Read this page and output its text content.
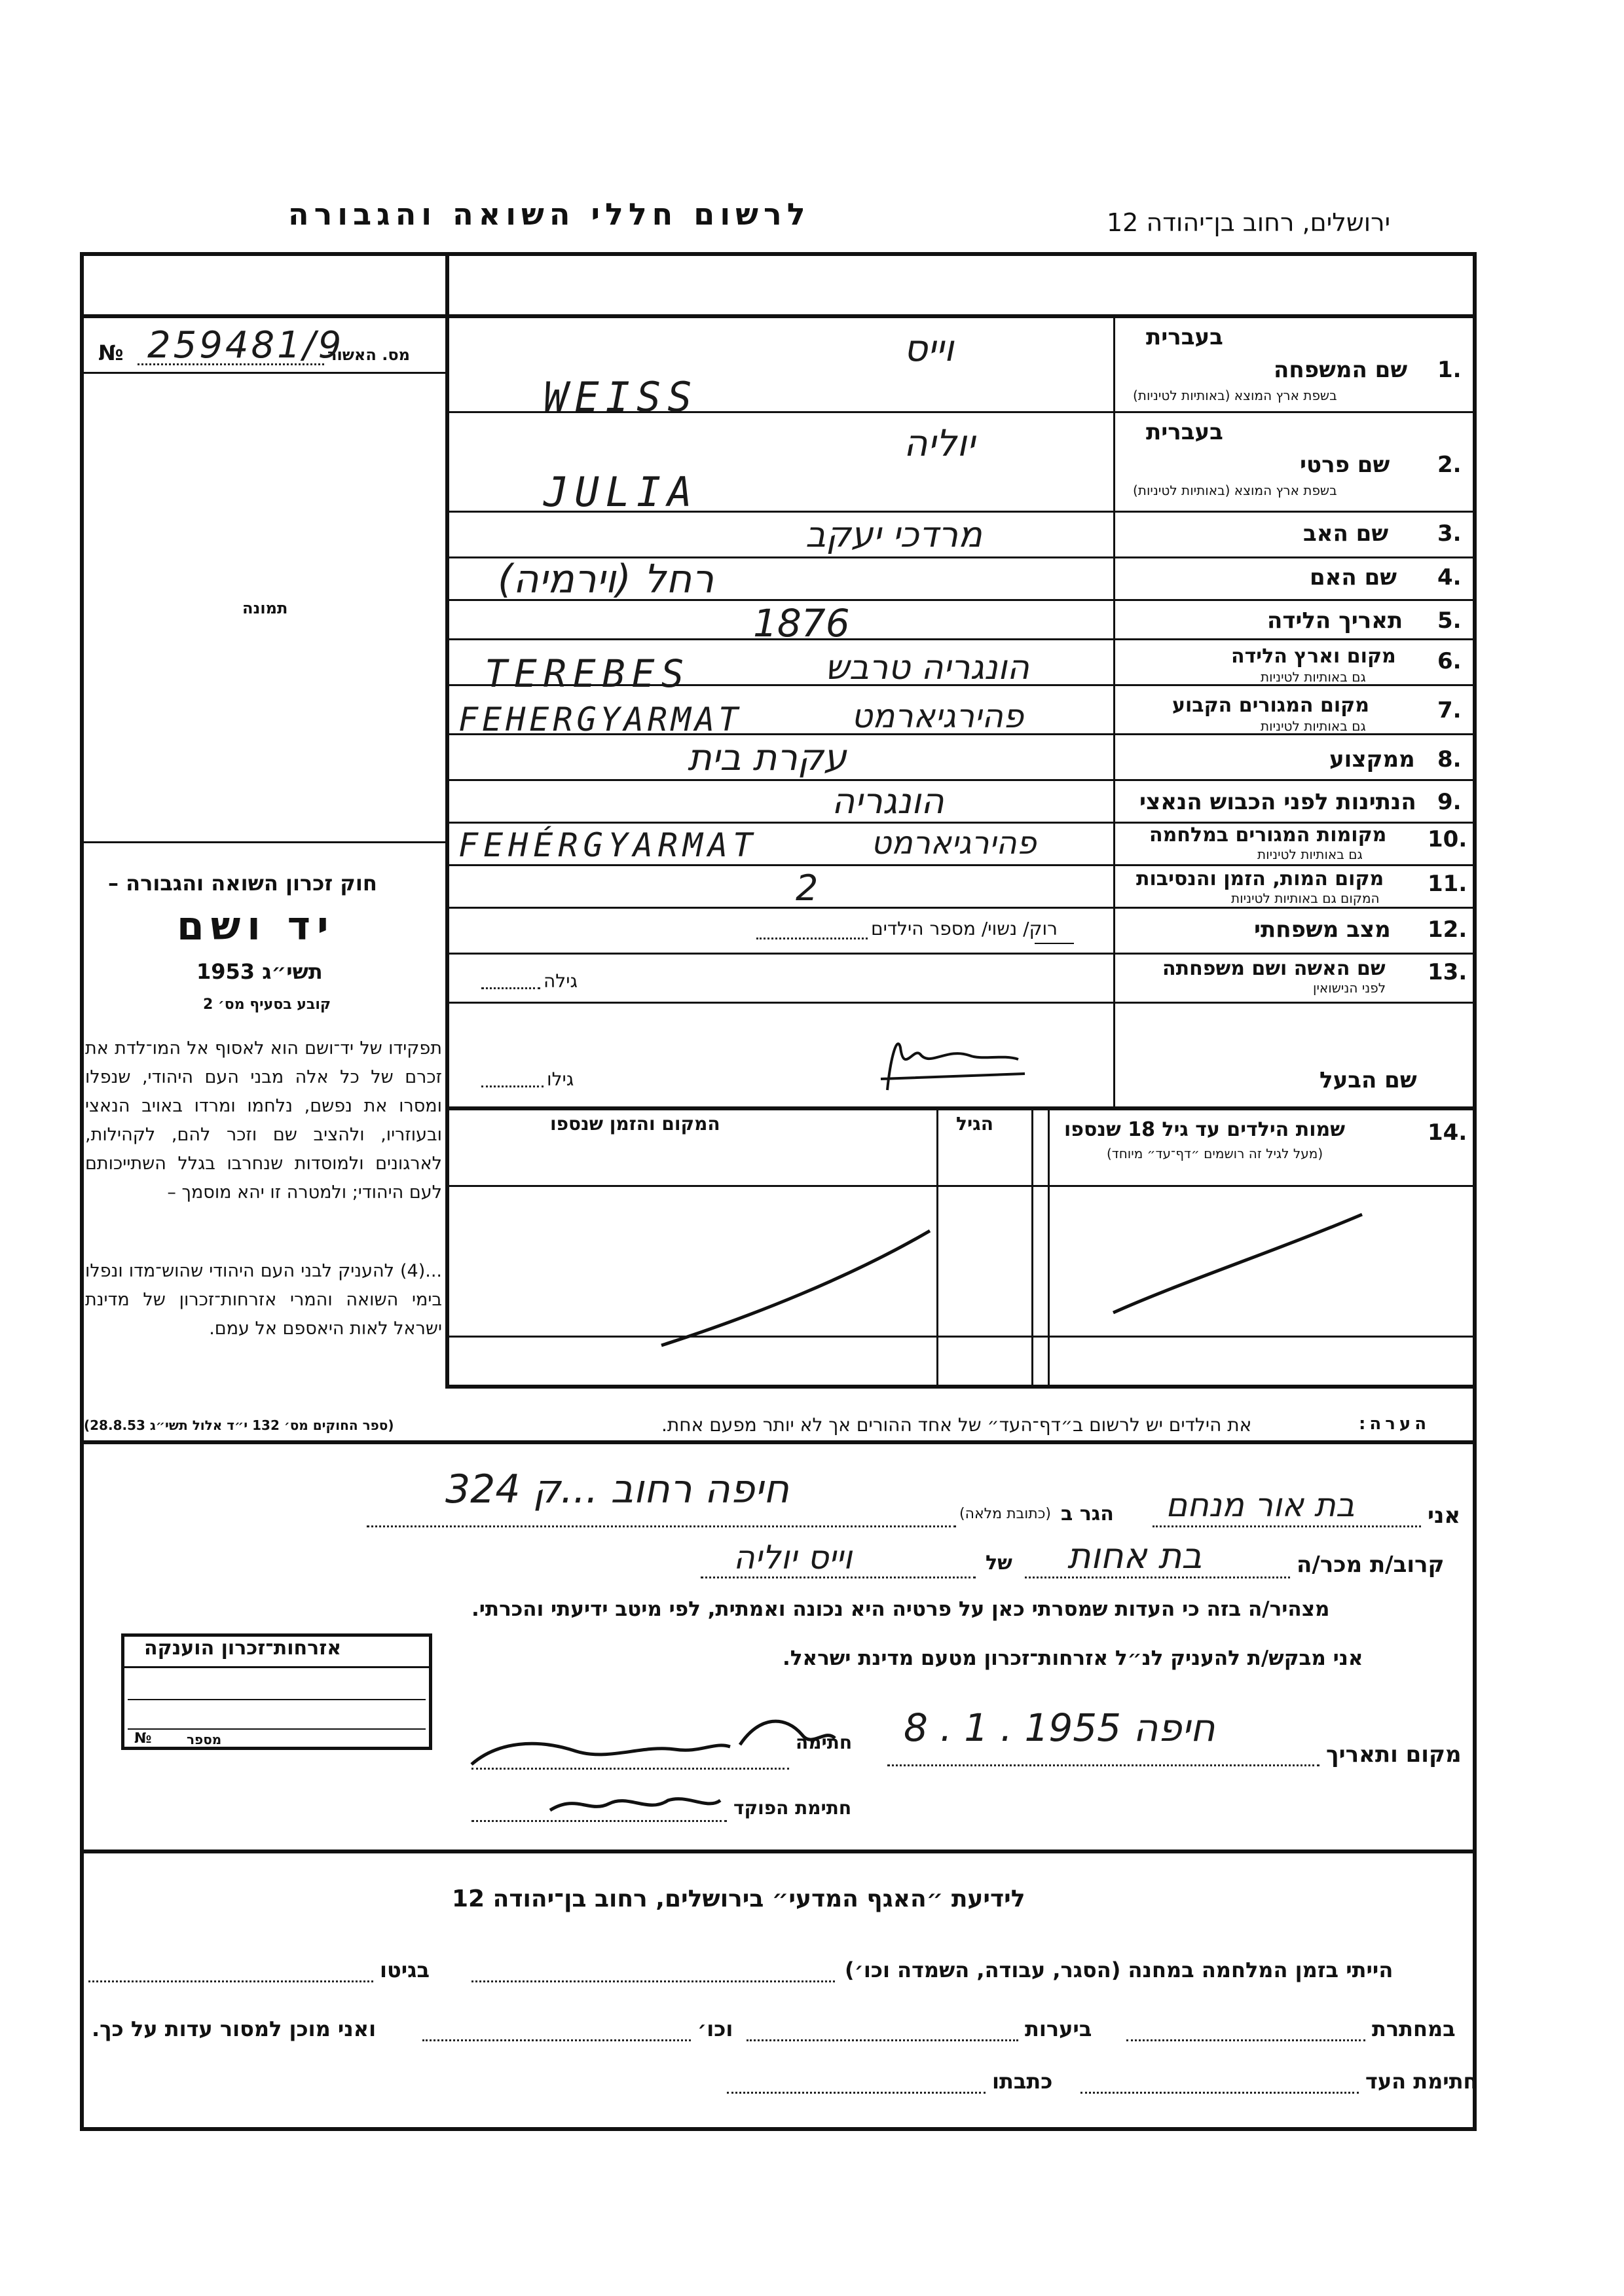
לרשום חללי השואה והגבורה	ירושלים, רחוב בן־יהודה 12
מס. האשור
№ 259481/9
תמונה
חוק זכרון השואה והגבורה –
יד ושם
תשי״ג 1953
קובע בסעיף מס׳ 2
תפקידו של יד־ושם הוא לאסוף אל המו־לדת את זכרם של כל אלה מבני העם היהודי, שנפלו ומסרו את נפשם, נלחמו ומרדו באויב הנאצי ובעוזריו, ולהציב שם וזכר להם, לקהילות, לארגונים ולמוסדות שנחרבו בגלל השתייכותם לעם היהודי; ולמטרה זו יהא מוסמך –
...(4) להעניק לבני העם היהודי שהוש־מדו ונפלו בימי השואה והמרי אזרחות־זכרון של מדינת ישראל לאות היאספם אל עמם.
(ספר החוקים מס׳ 132 י״ד אלול תשי״ג 28.8.53)
בעברית
1.
שם המשפחה
בשפת ארץ המוצא (באותיות לטיניות)
וייס
WEISS
בעברית
2.
שם פרטי
בשפת ארץ המוצא (באותיות לטיניות)
יוליה
JULIA
3.
שם האב
מרדכי יעקב
4.
שם האם
רחל (וירמיה)
5.
תאריך הלידה
1876
6.
מקום וארץ הלידה
גם באותיות לטיניות
הונגריה טרבש
TEREBES
7.
מקום המגורים הקבוע
גם באותיות לטיניות
פהירגיארמט
FEHERGYARMAT
8.
ממקצוע
עקרת בית
9.
הנתינות לפני הכבוש הנאצי
הונגריה
10.
מקומות המגורים במלחמה
גם באותיות לטיניות
פהירגיארמט
FEHÉRGYARMAT
11.
מקום המות, הזמן והנסיבות
המקום גם באותיות לטיניות
2
12.
מצב משפחתי
רוק/ נשוי/ מספר הילדים
13.
שם האשה ושם משפחתה
לפני הנישואין
גילה
שם הבעל
גילו
14.
שמות הילדים עד גיל 18 שנספו
(מעל לגיל זה רושמים ״דף־עד״ מיוחד)
הגיל
המקום והזמן שנספו
הערה:
את הילדים יש לרשום ב״דף־העד״ של אחד ההורים אך לא יותר מפעם אחת.
אני
בת אור מנחם
הגר ב
(כתובת מלאה)
חיפה רחוב ...ק 324
קרוב/ת מכר/ה
בת אחות
של
וייס יוליה
מצהיר/ה בזה כי העדות שמסרתי כאן על פרטיה היא נכונה ואמתית, לפי מיטב ידיעתי והכרתי.
אני מבקש/ת להעניק לנ״ל אזרחות־זכרון מטעם מדינת ישראל.
אזרחות־זכרון הוענקה
מספר
№
מקום ותאריך
חיפה 1955 . 1 . 8
חתימה
חתימת הפוקד
לידיעת ״האגף המדעי״ בירושלים, רחוב בן־יהודה 12
הייתי בזמן המלחמה במחנה (הסגר, עבודה, השמדה וכו׳)
בגיטו
במחתרת
ביערות
וכו׳
ואני מוכן למסור עדות על כך.
חתימת העד
כתבתו
